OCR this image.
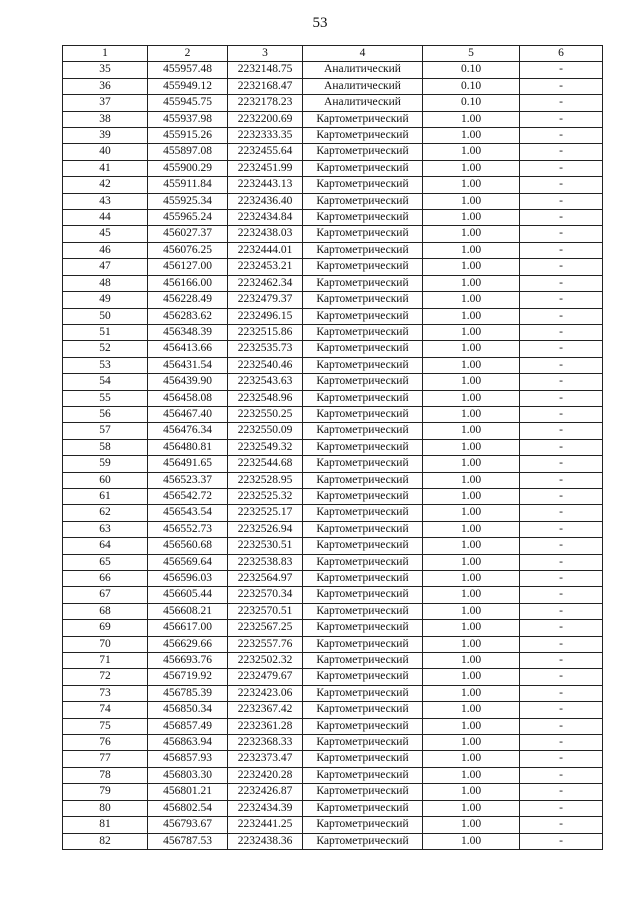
53
1	2	3	4	5	6
35	455957.48	2232148.75	Аналитический	0.10	-
36	455949.12	2232168.47	Аналитический	0.10	-
37	455945.75	2232178.23	Аналитический	0.10	-
38	455937.98	2232200.69	Картометрический	1.00	-
39	455915.26	2232333.35	Картометрический	1.00	-
40	455897.08	2232455.64	Картометрический	1.00	-
41	455900.29	2232451.99	Картометрический	1.00	-
42	455911.84	2232443.13	Картометрический	1.00	-
43	455925.34	2232436.40	Картометрический	1.00	-
44	455965.24	2232434.84	Картометрический	1.00	-
45	456027.37	2232438.03	Картометрический	1.00	-
46	456076.25	2232444.01	Картометрический	1.00	-
47	456127.00	2232453.21	Картометрический	1.00	-
48	456166.00	2232462.34	Картометрический	1.00	-
49	456228.49	2232479.37	Картометрический	1.00	-
50	456283.62	2232496.15	Картометрический	1.00	-
51	456348.39	2232515.86	Картометрический	1.00	-
52	456413.66	2232535.73	Картометрический	1.00	-
53	456431.54	2232540.46	Картометрический	1.00	-
54	456439.90	2232543.63	Картометрический	1.00	-
55	456458.08	2232548.96	Картометрический	1.00	-
56	456467.40	2232550.25	Картометрический	1.00	-
57	456476.34	2232550.09	Картометрический	1.00	-
58	456480.81	2232549.32	Картометрический	1.00	-
59	456491.65	2232544.68	Картометрический	1.00	-
60	456523.37	2232528.95	Картометрический	1.00	-
61	456542.72	2232525.32	Картометрический	1.00	-
62	456543.54	2232525.17	Картометрический	1.00	-
63	456552.73	2232526.94	Картометрический	1.00	-
64	456560.68	2232530.51	Картометрический	1.00	-
65	456569.64	2232538.83	Картометрический	1.00	-
66	456596.03	2232564.97	Картометрический	1.00	-
67	456605.44	2232570.34	Картометрический	1.00	-
68	456608.21	2232570.51	Картометрический	1.00	-
69	456617.00	2232567.25	Картометрический	1.00	-
70	456629.66	2232557.76	Картометрический	1.00	-
71	456693.76	2232502.32	Картометрический	1.00	-
72	456719.92	2232479.67	Картометрический	1.00	-
73	456785.39	2232423.06	Картометрический	1.00	-
74	456850.34	2232367.42	Картометрический	1.00	-
75	456857.49	2232361.28	Картометрический	1.00	-
76	456863.94	2232368.33	Картометрический	1.00	-
77	456857.93	2232373.47	Картометрический	1.00	-
78	456803.30	2232420.28	Картометрический	1.00	-
79	456801.21	2232426.87	Картометрический	1.00	-
80	456802.54	2232434.39	Картометрический	1.00	-
81	456793.67	2232441.25	Картометрический	1.00	-
82	456787.53	2232438.36	Картометрический	1.00	-
